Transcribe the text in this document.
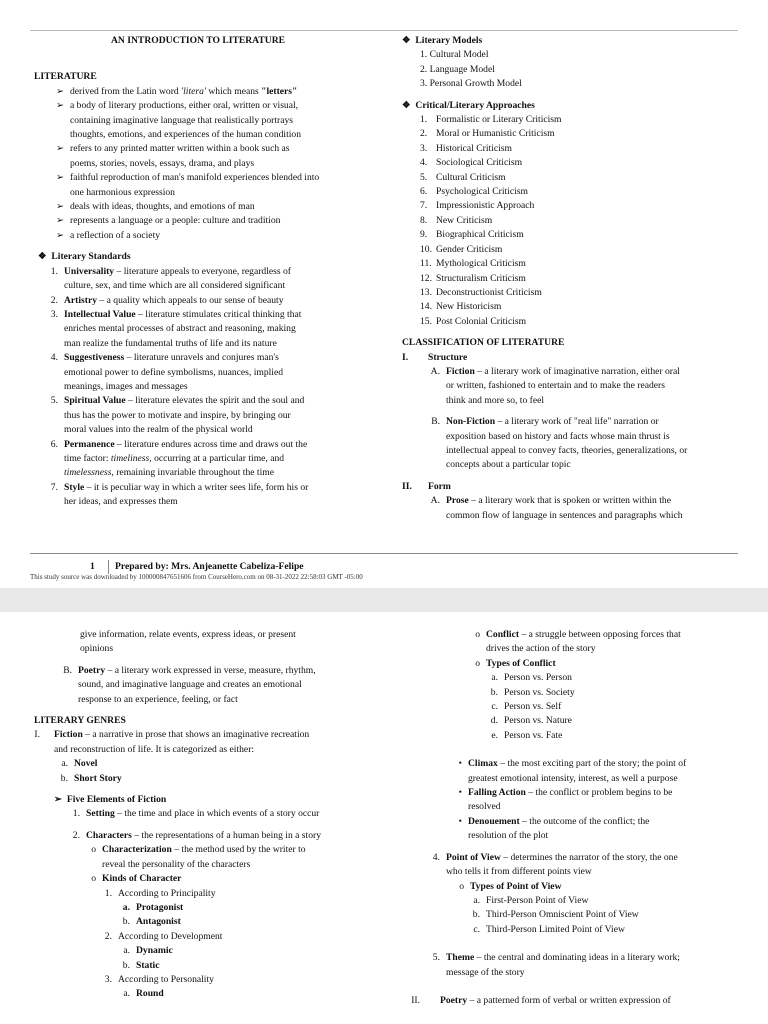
AN INTRODUCTION TO LITERATURE
LITERATURE
➢ derived from the Latin word 'litera' which means "letters"
➢ a body of literary productions, either oral, written or visual,
containing imaginative language that realistically portrays
thoughts, emotions, and experiences of the human condition
➢ refers to any printed matter written within a book such as
poems, stories, novels, essays, drama, and plays
➢ faithful reproduction of man's manifold experiences blended into
one harmonious expression
➢ deals with ideas, thoughts, and emotions of man
➢ represents a language or a people: culture and tradition
➢ a reflection of a society
❖ Literary Standards
1. Universality – literature appeals to everyone, regardless of
culture, sex, and time which are all considered significant
2. Artistry – a quality which appeals to our sense of beauty
3. Intellectual Value – literature stimulates critical thinking that
enriches mental processes of abstract and reasoning, making
man realize the fundamental truths of life and its nature
4. Suggestiveness – literature unravels and conjures man's
emotional power to define symbolisms, nuances, implied
meanings, images and messages
5. Spiritual Value – literature elevates the spirit and the soul and
thus has the power to motivate and inspire, by bringing our
moral values into the realm of the physical world
6. Permanence – literature endures across time and draws out the
time factor: timeliness, occurring at a particular time, and
timelessness, remaining invariable throughout the time
7. Style – it is peculiar way in which a writer sees life, form his or
her ideas, and expresses them
❖ Literary Models
1. Cultural Model
2. Language Model
3. Personal Growth Model
❖ Critical/Literary Approaches
1. Formalistic or Literary Criticism
2. Moral or Humanistic Criticism
3. Historical Criticism
4. Sociological Criticism
5. Cultural Criticism
6. Psychological Criticism
7. Impressionistic Approach
8. New Criticism
9. Biographical Criticism
10. Gender Criticism
11. Mythological Criticism
12. Structuralism Criticism
13. Deconstructionist Criticism
14. New Historicism
15. Post Colonial Criticism
CLASSIFICATION OF LITERATURE
I. Structure
A. Fiction – a literary work of imaginative narration, either oral
or written, fashioned to entertain and to make the readers
think and more so, to feel
B. Non-Fiction – a literary work of "real life" narration or
exposition based on history and facts whose main thrust is
intellectual appeal to convey facts, theories, generalizations, or
concepts about a particular topic
II. Form
A. Prose – a literary work that is spoken or written within the
common flow of language in sentences and paragraphs which
1	Prepared by: Mrs. Anjeanette Cabeliza-Felipe
This study source was downloaded by 100000847651606 from CourseHero.com on 08-31-2022 22:58:03 GMT -05:00
give information, relate events, express ideas, or present
opinions
B. Poetry – a literary work expressed in verse, measure, rhythm,
sound, and imaginative language and creates an emotional
response to an experience, feeling, or fact
LITERARY GENRES
I. Fiction – a narrative in prose that shows an imaginative recreation
and reconstruction of life. It is categorized as either:
a. Novel
b. Short Story
➢ Five Elements of Fiction
1. Setting – the time and place in which events of a story occur
2. Characters – the representations of a human being in a story
o Characterization – the method used by the writer to
reveal the personality of the characters
o Kinds of Character
1. According to Principality
a. Protagonist
b. Antagonist
2. According to Development
a. Dynamic
b. Static
3. According to Personality
a. Round
o Conflict – a struggle between opposing forces that
drives the action of the story
o Types of Conflict
a. Person vs. Person
b. Person vs. Society
c. Person vs. Self
d. Person vs. Nature
e. Person vs. Fate
• Climax – the most exciting part of the story; the point of
greatest emotional intensity, interest, as well a purpose
• Falling Action – the conflict or problem begins to be
resolved
• Denouement – the outcome of the conflict; the
resolution of the plot
4. Point of View – determines the narrator of the story, the one
who tells it from different points view
o Types of Point of View
a. First-Person Point of View
b. Third-Person Omniscient Point of View
c. Third-Person Limited Point of View
5. Theme – the central and dominating ideas in a literary work;
message of the story
II. Poetry – a patterned form of verbal or written expression of
